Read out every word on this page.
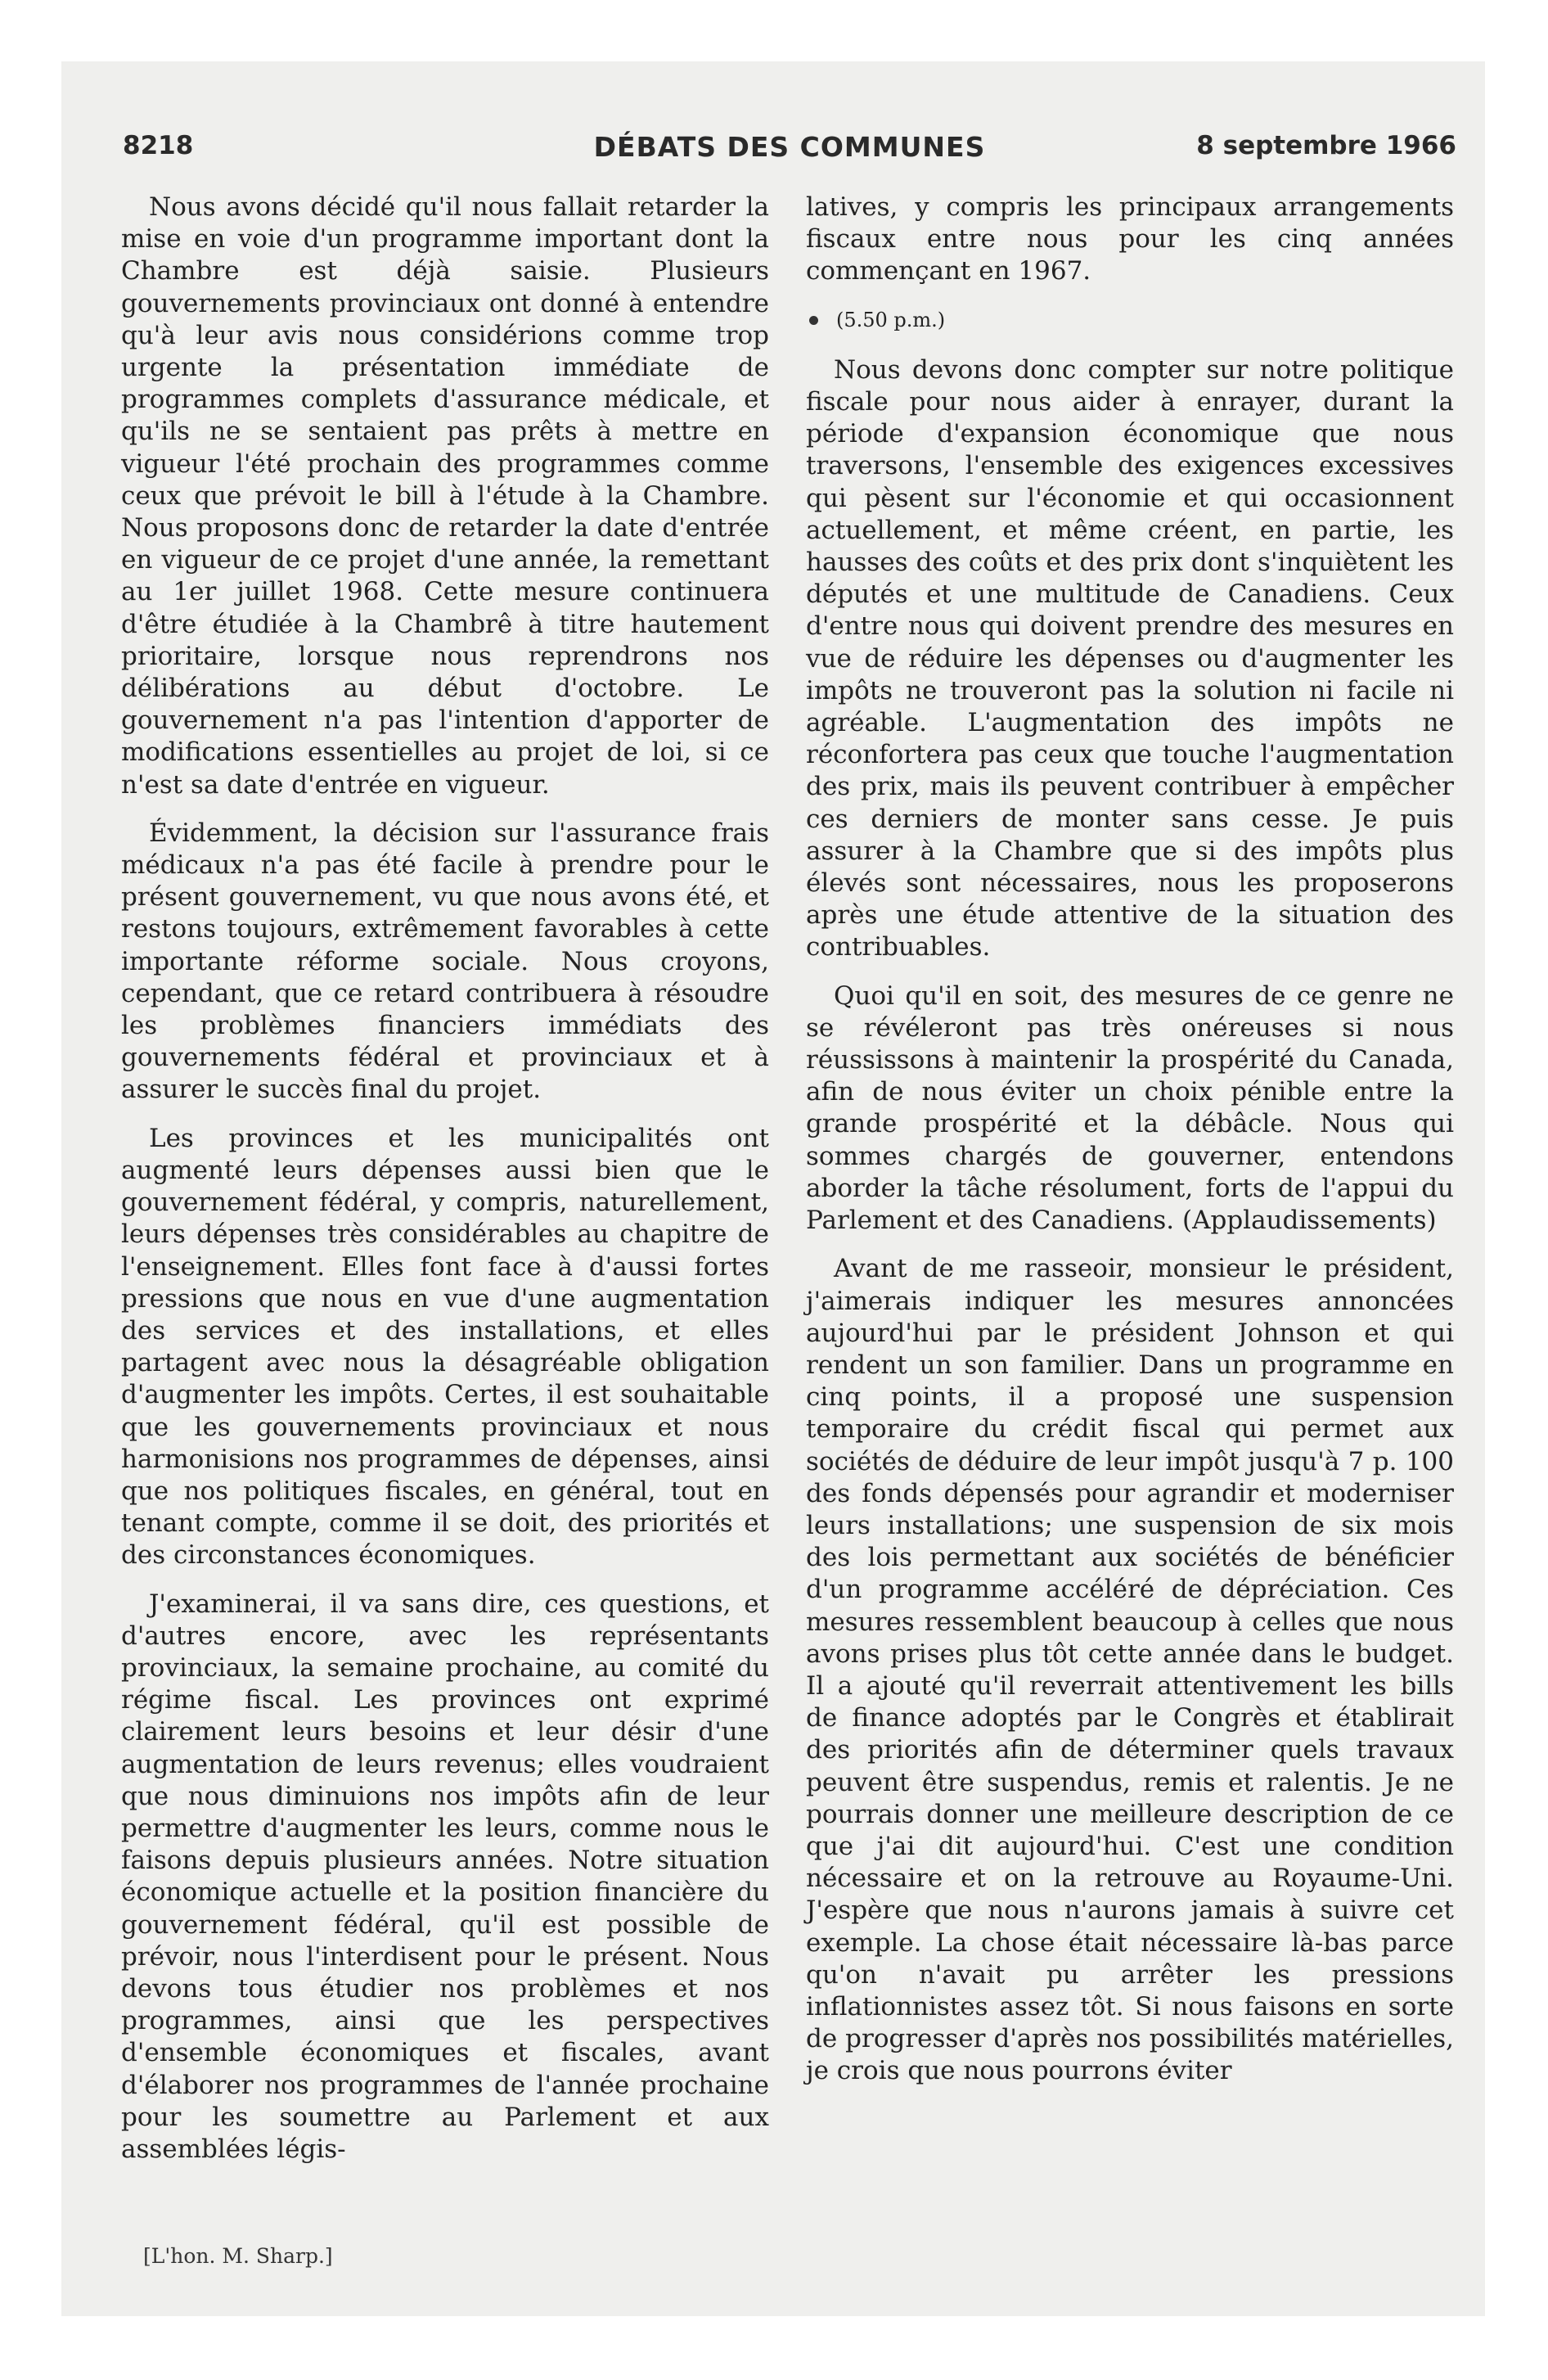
8218	DÉBATS DES COMMUNES	8 septembre 1966

Nous avons décidé qu'il nous fallait retarder la mise en voie d'un programme important dont la Chambre est déjà saisie. Plusieurs gouvernements provinciaux ont donné à entendre qu'à leur avis nous considérions comme trop urgente la présentation immédiate de programmes complets d'assurance médicale, et qu'ils ne se sentaient pas prêts à mettre en vigueur l'été prochain des programmes comme ceux que prévoit le bill à l'étude à la Chambre. Nous proposons donc de retarder la date d'entrée en vigueur de ce projet d'une année, la remettant au 1er juillet 1968. Cette mesure continuera d'être étudiée à la Chambrê à titre hautement prioritaire, lorsque nous reprendrons nos délibérations au début d'octobre. Le gouvernement n'a pas l'intention d'apporter de modifications essentielles au projet de loi, si ce n'est sa date d'entrée en vigueur.

Évidemment, la décision sur l'assurance frais médicaux n'a pas été facile à prendre pour le présent gouvernement, vu que nous avons été, et restons toujours, extrêmement favorables à cette importante réforme sociale. Nous croyons, cependant, que ce retard contribuera à résoudre les problèmes financiers immédiats des gouvernements fédéral et provinciaux et à assurer le succès final du projet.

Les provinces et les municipalités ont augmenté leurs dépenses aussi bien que le gouvernement fédéral, y compris, naturellement, leurs dépenses très considérables au chapitre de l'enseignement. Elles font face à d'aussi fortes pressions que nous en vue d'une augmentation des services et des installations, et elles partagent avec nous la désagréable obligation d'augmenter les impôts. Certes, il est souhaitable que les gouvernements provinciaux et nous harmonisions nos programmes de dépenses, ainsi que nos politiques fiscales, en général, tout en tenant compte, comme il se doit, des priorités et des circonstances économiques.

J'examinerai, il va sans dire, ces questions, et d'autres encore, avec les représentants provinciaux, la semaine prochaine, au comité du régime fiscal. Les provinces ont exprimé clairement leurs besoins et leur désir d'une augmentation de leurs revenus; elles voudraient que nous diminuions nos impôts afin de leur permettre d'augmenter les leurs, comme nous le faisons depuis plusieurs années. Notre situation économique actuelle et la position financière du gouvernement fédéral, qu'il est possible de prévoir, nous l'interdisent pour le présent. Nous devons tous étudier nos problèmes et nos programmes, ainsi que les perspectives d'ensemble économiques et fiscales, avant d'élaborer nos programmes de l'année prochaine pour les soumettre au Parlement et aux assemblées légis-

latives, y compris les principaux arrangements fiscaux entre nous pour les cinq années commençant en 1967.

(5.50 p.m.)

Nous devons donc compter sur notre politique fiscale pour nous aider à enrayer, durant la période d'expansion économique que nous traversons, l'ensemble des exigences excessives qui pèsent sur l'économie et qui occasionnent actuellement, et même créent, en partie, les hausses des coûts et des prix dont s'inquiètent les députés et une multitude de Canadiens. Ceux d'entre nous qui doivent prendre des mesures en vue de réduire les dépenses ou d'augmenter les impôts ne trouveront pas la solution ni facile ni agréable. L'augmentation des impôts ne réconfortera pas ceux que touche l'augmentation des prix, mais ils peuvent contribuer à empêcher ces derniers de monter sans cesse. Je puis assurer à la Chambre que si des impôts plus élevés sont nécessaires, nous les proposerons après une étude attentive de la situation des contribuables.

Quoi qu'il en soit, des mesures de ce genre ne se révéleront pas très onéreuses si nous réussissons à maintenir la prospérité du Canada, afin de nous éviter un choix pénible entre la grande prospérité et la débâcle. Nous qui sommes chargés de gouverner, entendons aborder la tâche résolument, forts de l'appui du Parlement et des Canadiens. (Applaudissements)

Avant de me rasseoir, monsieur le président, j'aimerais indiquer les mesures annoncées aujourd'hui par le président Johnson et qui rendent un son familier. Dans un programme en cinq points, il a proposé une suspension temporaire du crédit fiscal qui permet aux sociétés de déduire de leur impôt jusqu'à 7 p. 100 des fonds dépensés pour agrandir et moderniser leurs installations; une suspension de six mois des lois permettant aux sociétés de bénéficier d'un programme accéléré de dépréciation. Ces mesures ressemblent beaucoup à celles que nous avons prises plus tôt cette année dans le budget. Il a ajouté qu'il reverrait attentivement les bills de finance adoptés par le Congrès et établirait des priorités afin de déterminer quels travaux peuvent être suspendus, remis et ralentis. Je ne pourrais donner une meilleure description de ce que j'ai dit aujourd'hui. C'est une condition nécessaire et on la retrouve au Royaume-Uni. J'espère que nous n'aurons jamais à suivre cet exemple. La chose était nécessaire là-bas parce qu'on n'avait pu arrêter les pressions inflationnistes assez tôt. Si nous faisons en sorte de progresser d'après nos possibilités matérielles, je crois que nous pourrons éviter

[L'hon. M. Sharp.]
